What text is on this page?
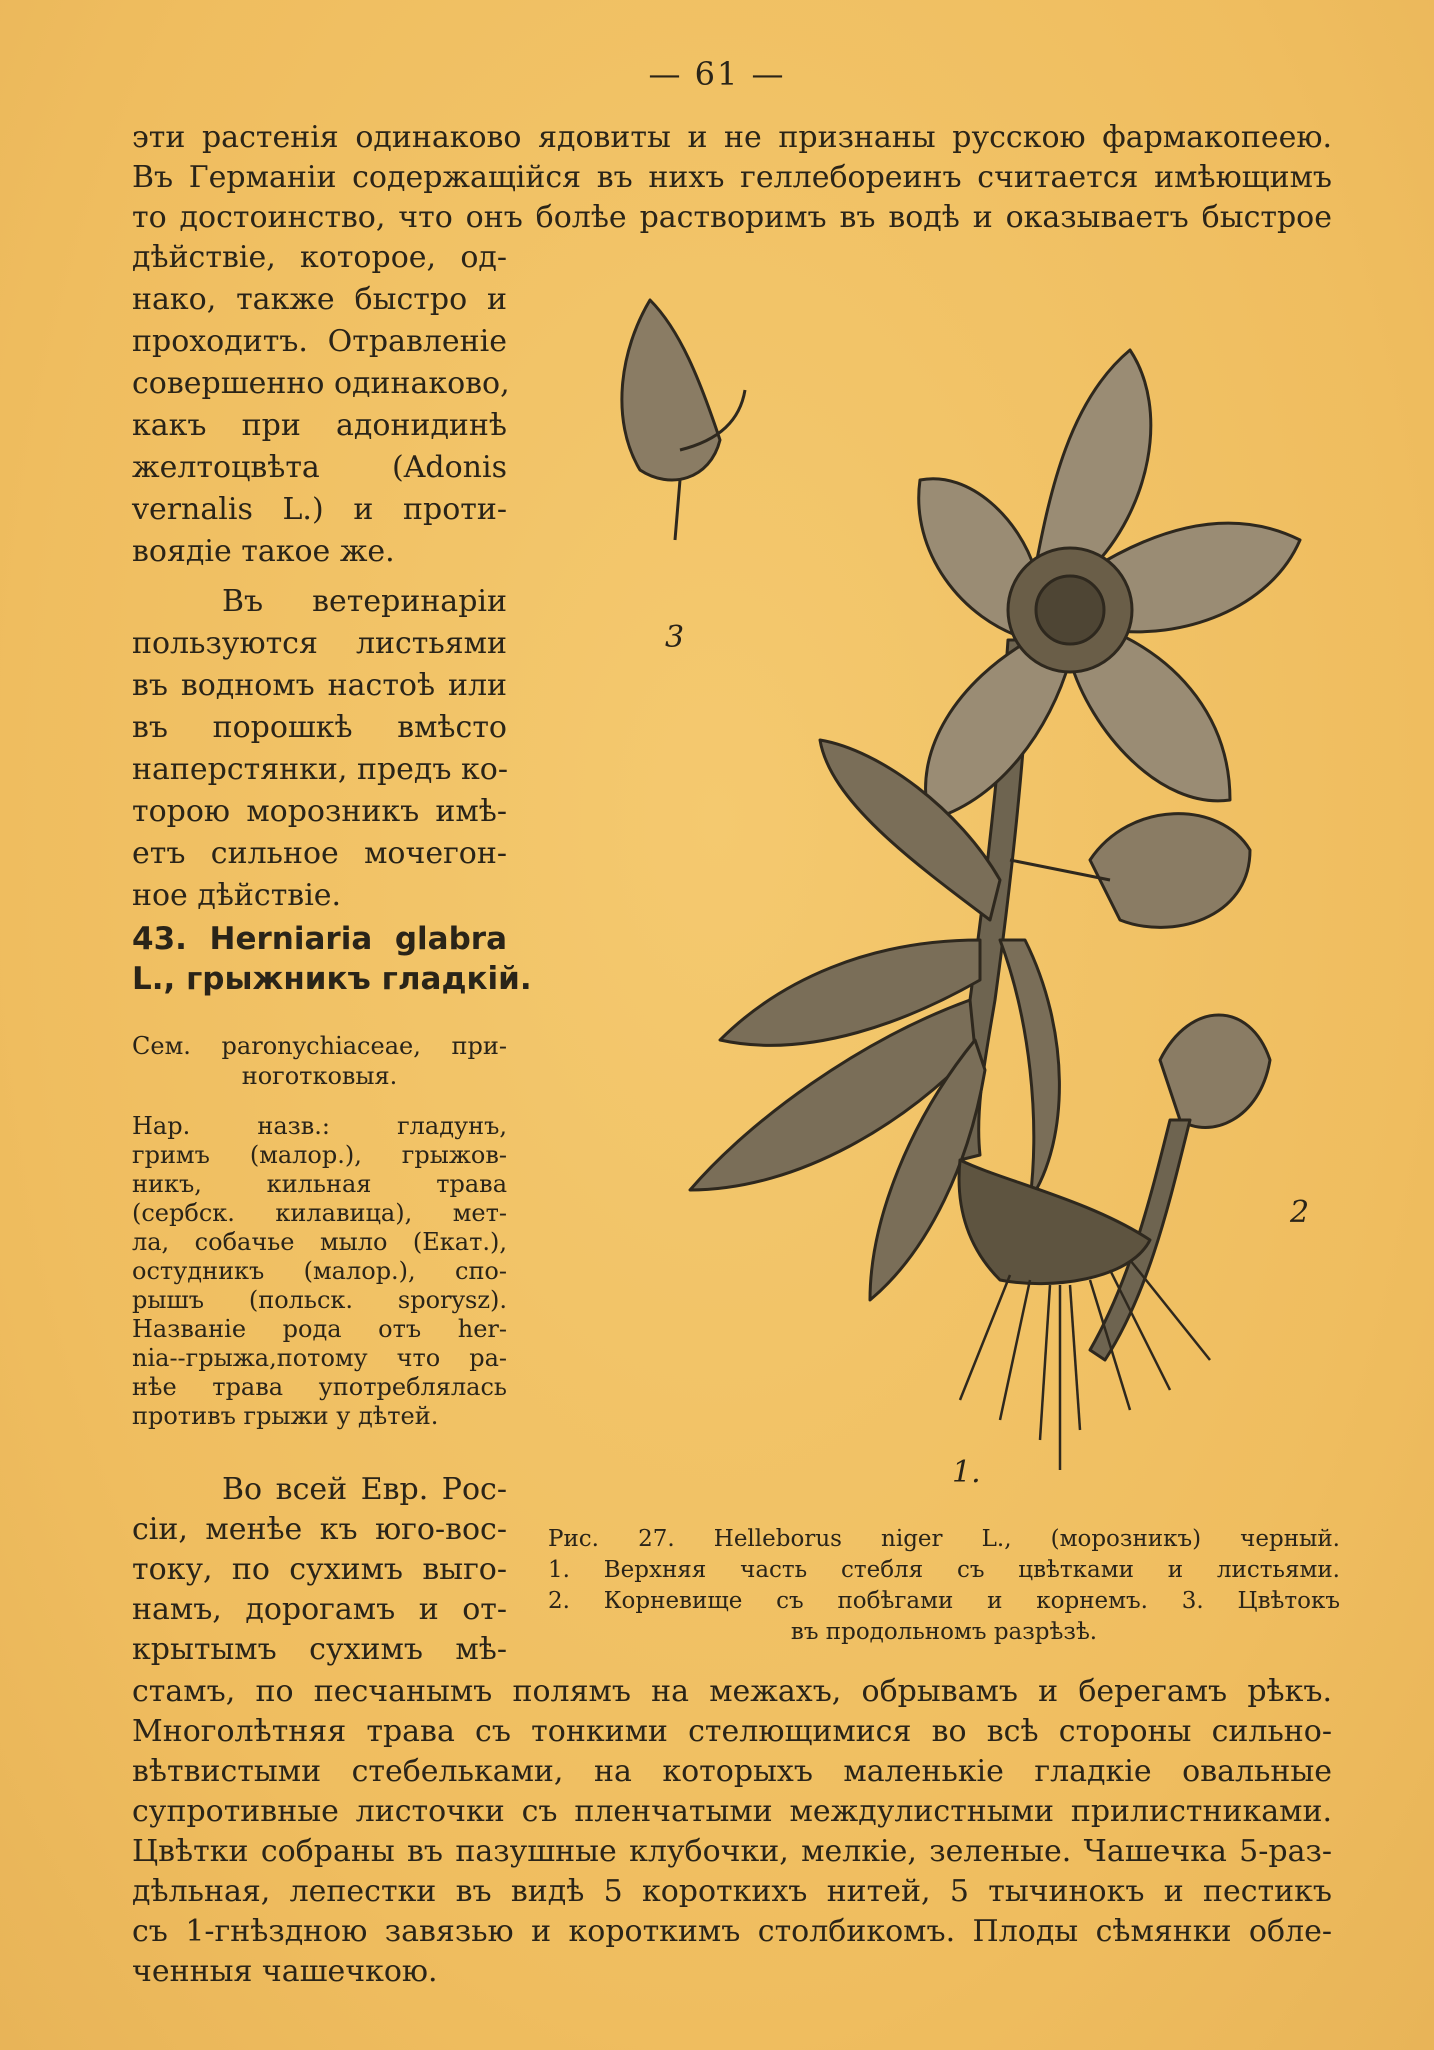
— 61 —
эти растенія одинаково ядовиты и не признаны русскою фармакопеею.
Въ Германіи содержащійся въ нихъ геллеборeинъ считается имѣющимъ
то достоинство, что онъ болѣе растворимъ въ водѣ и оказываетъ быстрое
дѣйствіе, которое, од-
нако, также быстро и
проходитъ. Отравленіе
совершенно одинаково,
какъ при адонидинѣ
желтоцвѣта (Adonis
vernalis L.) и проти-
воядіе такое же.
Въ ветеринаріи
пользуются листьями
въ водномъ настоѣ или
въ порошкѣ вмѣсто
наперстянки, предъ ко-
торою морозникъ имѣ-
етъ сильное мочегон-
ное дѣйствіе.
43. Herniaria glabra
L., грыжникъ гладкій.
Сем. paronychiaceae, при-
ноготковыя.
Нар. назв.: гладунъ,
гримъ (малор.), грыжов-
никъ, кильная трава
(сербск. килавица), мет-
ла, собачье мыло (Екат.),
остудникъ (малор.), спо-
рышъ (польск. sporysz).
Названіе рода отъ her-
nia--грыжа,потому что ра-
нѣе трава употреблялась
противъ грыжи у дѣтей.
Во всей Евр. Рос-
сіи, менѣе къ юго-вос-
току, по сухимъ выго-
намъ, дорогамъ и от-
крытымъ сухимъ мѣ-
3
2
1.
Рис. 27. Helleborus niger L., (морозникъ) черный.
1. Верхняя часть стебля съ цвѣтками и листьями.
2. Корневище съ побѣгами и корнемъ. 3. Цвѣтокъ
въ продольномъ разрѣзѣ.
стамъ, по песчанымъ полямъ на межахъ, обрывамъ и берегамъ рѣкъ.
Многолѣтняя трава съ тонкими стелющимися во всѣ стороны сильно-
вѣтвистыми стебельками, на которыхъ маленькіе гладкіе овальные
супротивные листочки съ пленчатыми междулистными прилистниками.
Цвѣтки собраны въ пазушные клубочки, мелкіе, зеленые. Чашечка 5-раз-
дѣльная, лепестки въ видѣ 5 короткихъ нитей, 5 тычинокъ и пестикъ
съ 1-гнѣздною завязью и короткимъ столбикомъ. Плоды сѣмянки обле-
ченныя чашечкою.
